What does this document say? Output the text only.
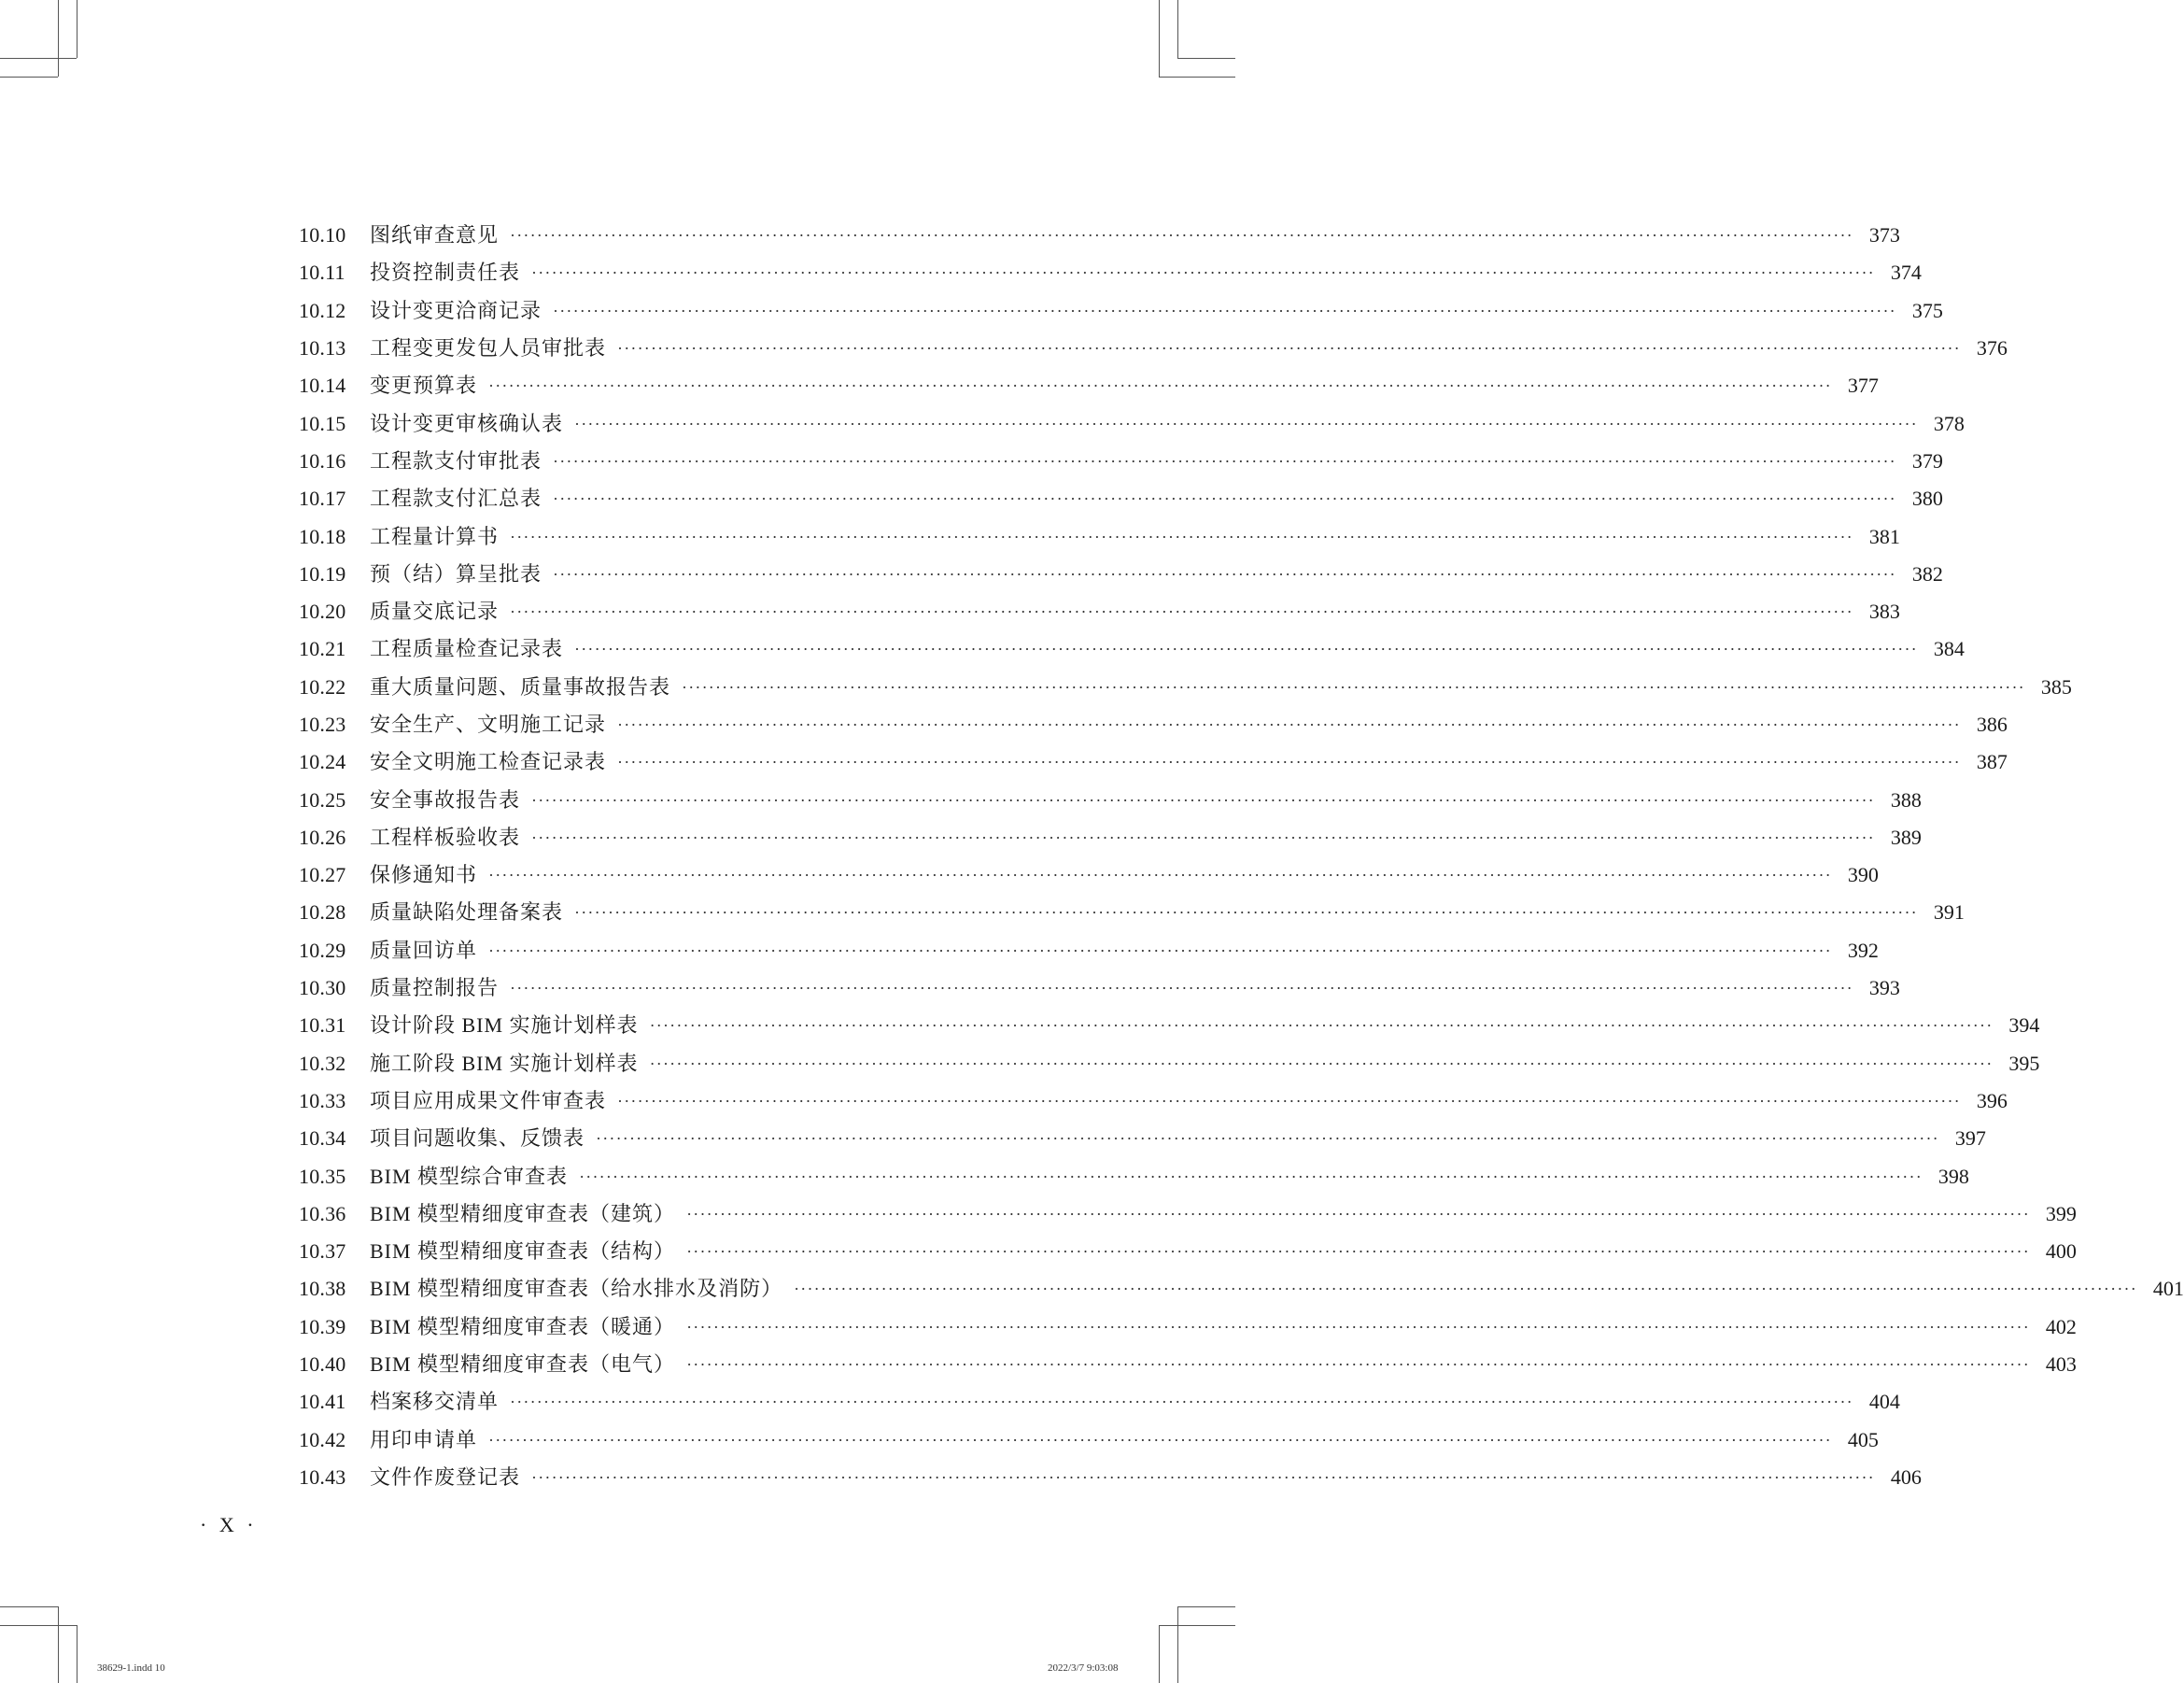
10.10	图纸审查意见 ········································································································································································································ 373
10.11	投资控制责任表 ········································································································································································································ 374
10.12	设计变更洽商记录 ········································································································································································································ 375
10.13	工程变更发包人员审批表 ········································································································································································································ 376
10.14	变更预算表 ········································································································································································································ 377
10.15	设计变更审核确认表 ········································································································································································································ 378
10.16	工程款支付审批表 ········································································································································································································ 379
10.17	工程款支付汇总表 ········································································································································································································ 380
10.18	工程量计算书 ········································································································································································································ 381
10.19	预（结）算呈批表 ········································································································································································································ 382
10.20	质量交底记录 ········································································································································································································ 383
10.21	工程质量检查记录表 ········································································································································································································ 384
10.22	重大质量问题、质量事故报告表 ········································································································································································································ 385
10.23	安全生产、文明施工记录 ········································································································································································································ 386
10.24	安全文明施工检查记录表 ········································································································································································································ 387
10.25	安全事故报告表 ········································································································································································································ 388
10.26	工程样板验收表 ········································································································································································································ 389
10.27	保修通知书 ········································································································································································································ 390
10.28	质量缺陷处理备案表 ········································································································································································································ 391
10.29	质量回访单 ········································································································································································································ 392
10.30	质量控制报告 ········································································································································································································ 393
10.31	设计阶段 BIM 实施计划样表 ········································································································································································································ 394
10.32	施工阶段 BIM 实施计划样表 ········································································································································································································ 395
10.33	项目应用成果文件审查表 ········································································································································································································ 396
10.34	项目问题收集、反馈表 ········································································································································································································ 397
10.35	BIM 模型综合审查表 ········································································································································································································ 398
10.36	BIM 模型精细度审查表（建筑） ········································································································································································································ 399
10.37	BIM 模型精细度审查表（结构） ········································································································································································································ 400
10.38	BIM 模型精细度审查表（给水排水及消防） ········································································································································································································ 401
10.39	BIM 模型精细度审查表（暖通） ········································································································································································································ 402
10.40	BIM 模型精细度审查表（电气） ········································································································································································································ 403
10.41	档案移交清单 ········································································································································································································ 404
10.42	用印申请单 ········································································································································································································ 405
10.43	文件作废登记表 ········································································································································································································ 406
· X ·
38629-1.indd 10	2022/3/7 9:03:08
